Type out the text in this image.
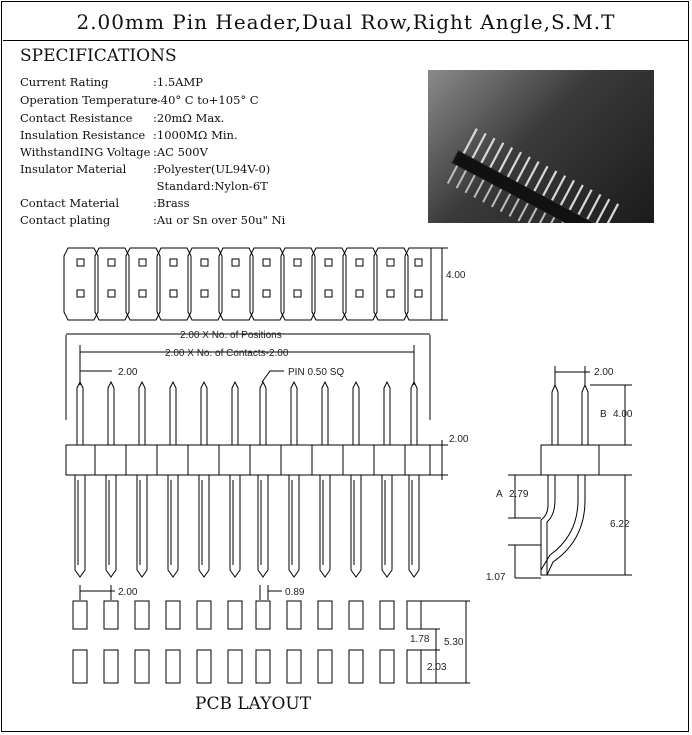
2.00mm Pin Header,Dual Row,Right Angle,S.M.T
SPECIFICATIONS
Current Rating	:1.5AMP
Operation Temperature:-40° C to+105° C
Contact Resistance :20mΩ Max.
Insulation Resistance :1000MΩ Min.
WithstandING Voltage :AC 500V
Insulator Material :Polyester(UL94V-0)
Standard:Nylon-6T
Contact Material	:Brass
Contact plating	:Au or Sn over 50u" Ni
4.00
2.00 X No. of Positions
2.00 X No. of Contacts-2.00
2.00	PIN 0.50 SQ
2.00
2.00
B 4.00
A 2.79
6.22
1.07
2.00	0.89
1.78 5.30
2.03
PCB LAYOUT
